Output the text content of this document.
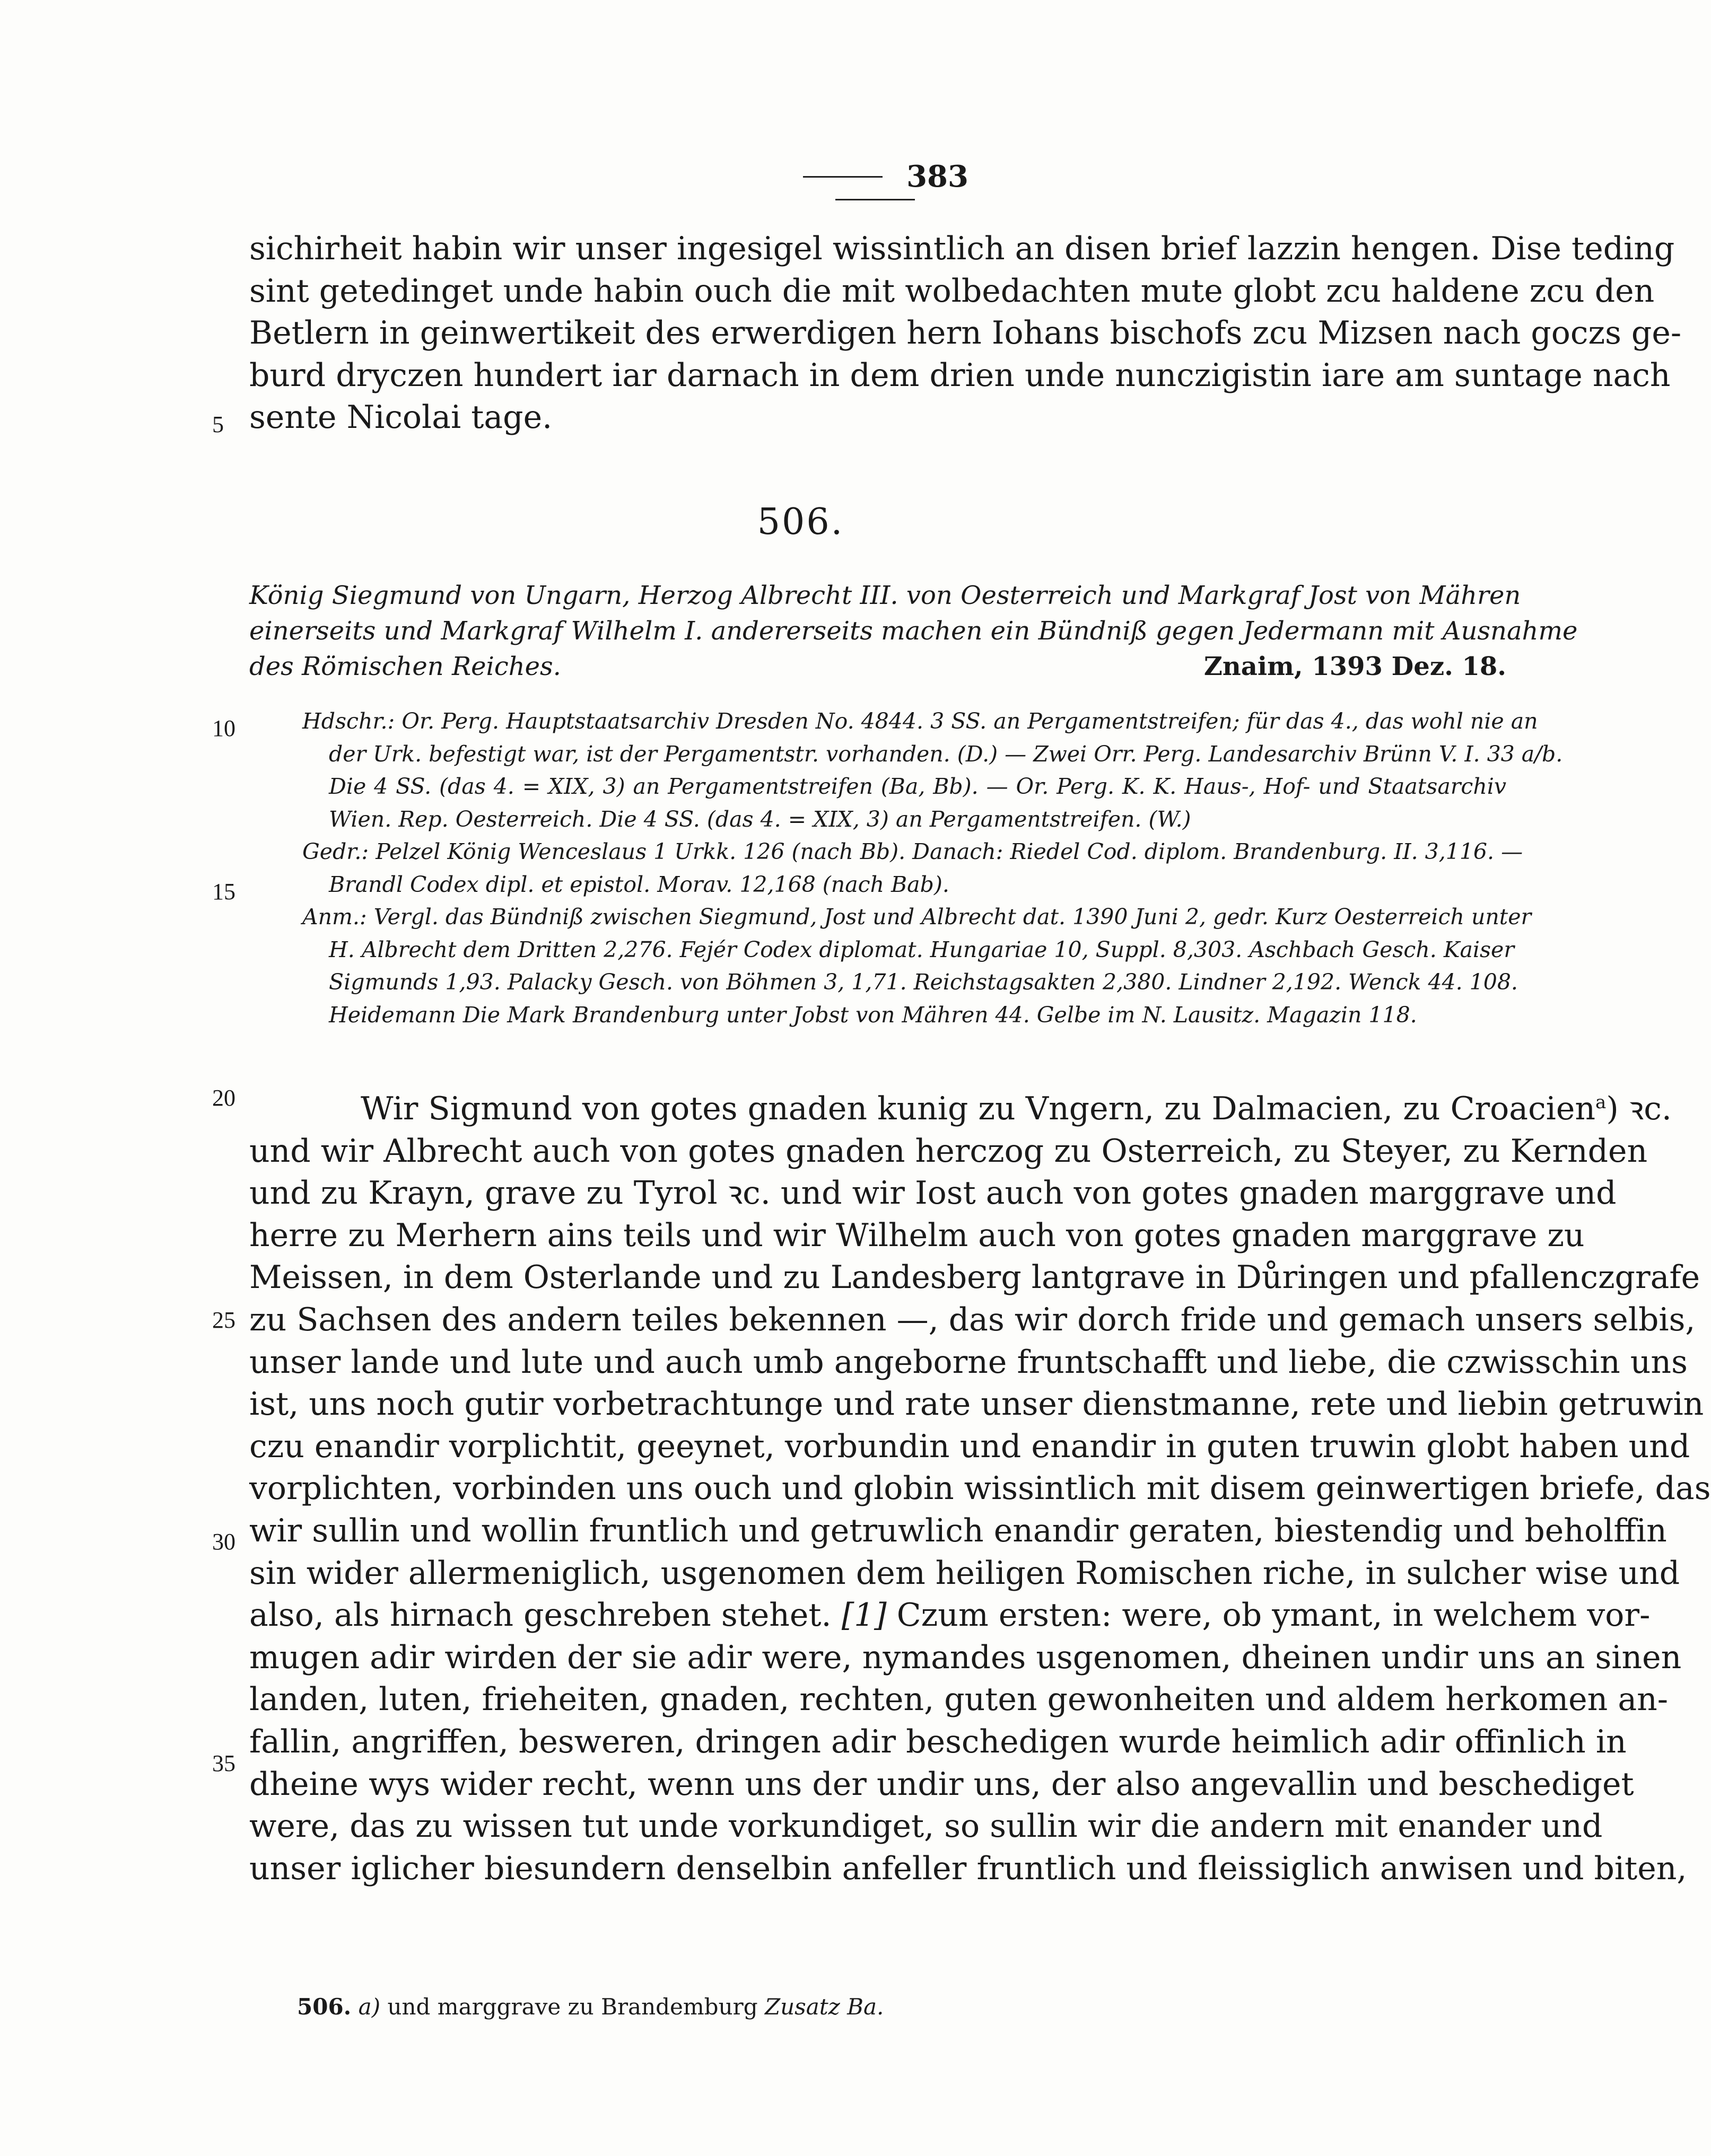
383
5
10
15
20
25
30
35
sichirheit habin wir unser ingesigel wissintlich an disen brief lazzin hengen. Dise teding
sint getedinget unde habin ouch die mit wolbedachten mute globt zcu haldene zcu den
Betlern in geinwertikeit des erwerdigen hern Iohans bischofs zcu Mizsen nach goczs ge-
burd dryczen hundert iar darnach in dem drien unde nunczigistin iare am suntage nach
sente Nicolai tage.
506.
König Siegmund von Ungarn, Herzog Albrecht III. von Oesterreich und Markgraf Jost von Mähren
einerseits und Markgraf Wilhelm I. andererseits machen ein Bündniß gegen Jedermann mit Ausnahme
des Römischen Reiches.	Znaim, 1393 Dez. 18.
Hdschr.: Or. Perg. Hauptstaatsarchiv Dresden No. 4844. 3 SS. an Pergamentstreifen; für das 4., das wohl nie an
der Urk. befestigt war, ist der Pergamentstr. vorhanden. (D.) — Zwei Orr. Perg. Landesarchiv Brünn V. I. 33 a/b.
Die 4 SS. (das 4. = XIX, 3) an Pergamentstreifen (Ba, Bb). — Or. Perg. K. K. Haus-, Hof- und Staatsarchiv
Wien. Rep. Oesterreich. Die 4 SS. (das 4. = XIX, 3) an Pergamentstreifen. (W.)
Gedr.: Pelzel König Wenceslaus 1 Urkk. 126 (nach Bb). Danach: Riedel Cod. diplom. Brandenburg. II. 3,116. —
Brandl Codex dipl. et epistol. Morav. 12,168 (nach Bab).
Anm.: Vergl. das Bündniß zwischen Siegmund, Jost und Albrecht dat. 1390 Juni 2, gedr. Kurz Oesterreich unter
H. Albrecht dem Dritten 2,276. Fejér Codex diplomat. Hungariae 10, Suppl. 8,303. Aschbach Gesch. Kaiser
Sigmunds 1,93. Palacky Gesch. von Böhmen 3, 1,71. Reichstagsakten 2,380. Lindner 2,192. Wenck 44. 108.
Heidemann Die Mark Brandenburg unter Jobst von Mähren 44. Gelbe im N. Lausitz. Magazin 118.
Wir Sigmund von gotes gnaden kunig zu Vngern, zu Dalmacien, zu Croacien$^a$) ꝛc.
und wir Albrecht auch von gotes gnaden herczog zu Osterreich, zu Steyer, zu Kernden
und zu Krayn, grave zu Tyrol ꝛc. und wir Iost auch von gotes gnaden marggrave und
herre zu Merhern ains teils und wir Wilhelm auch von gotes gnaden marggrave zu
Meissen, in dem Osterlande und zu Landesberg lantgrave in Důringen und pfallenczgrafe
zu Sachsen des andern teiles bekennen —, das wir dorch fride und gemach unsers selbis,
unser lande und lute und auch umb angeborne fruntschafft und liebe, die czwisschin uns
ist, uns noch gutir vorbetrachtunge und rate unser dienstmanne, rete und liebin getruwin
czu enandir vorplichtit, geeynet, vorbundin und enandir in guten truwin globt haben und
vorplichten, vorbinden uns ouch und globin wissintlich mit disem geinwertigen briefe, das
wir sullin und wollin fruntlich und getruwlich enandir geraten, biestendig und beholffin
sin wider allermeniglich, usgenomen dem heiligen Romischen riche, in sulcher wise und
also, als hirnach geschreben stehet. [1] Czum ersten: were, ob ymant, in welchem vor-
mugen adir wirden der sie adir were, nymandes usgenomen, dheinen undir uns an sinen
landen, luten, frieheiten, gnaden, rechten, guten gewonheiten und aldem herkomen an-
fallin, angriffen, besweren, dringen adir beschedigen wurde heimlich adir offinlich in
dheine wys wider recht, wenn uns der undir uns, der also angevallin und beschediget
were, das zu wissen tut unde vorkundiget, so sullin wir die andern mit enander und
unser iglicher biesundern denselbin anfeller fruntlich und fleissiglich anwisen und biten,
506. a) und marggrave zu Brandemburg Zusatz Ba.
